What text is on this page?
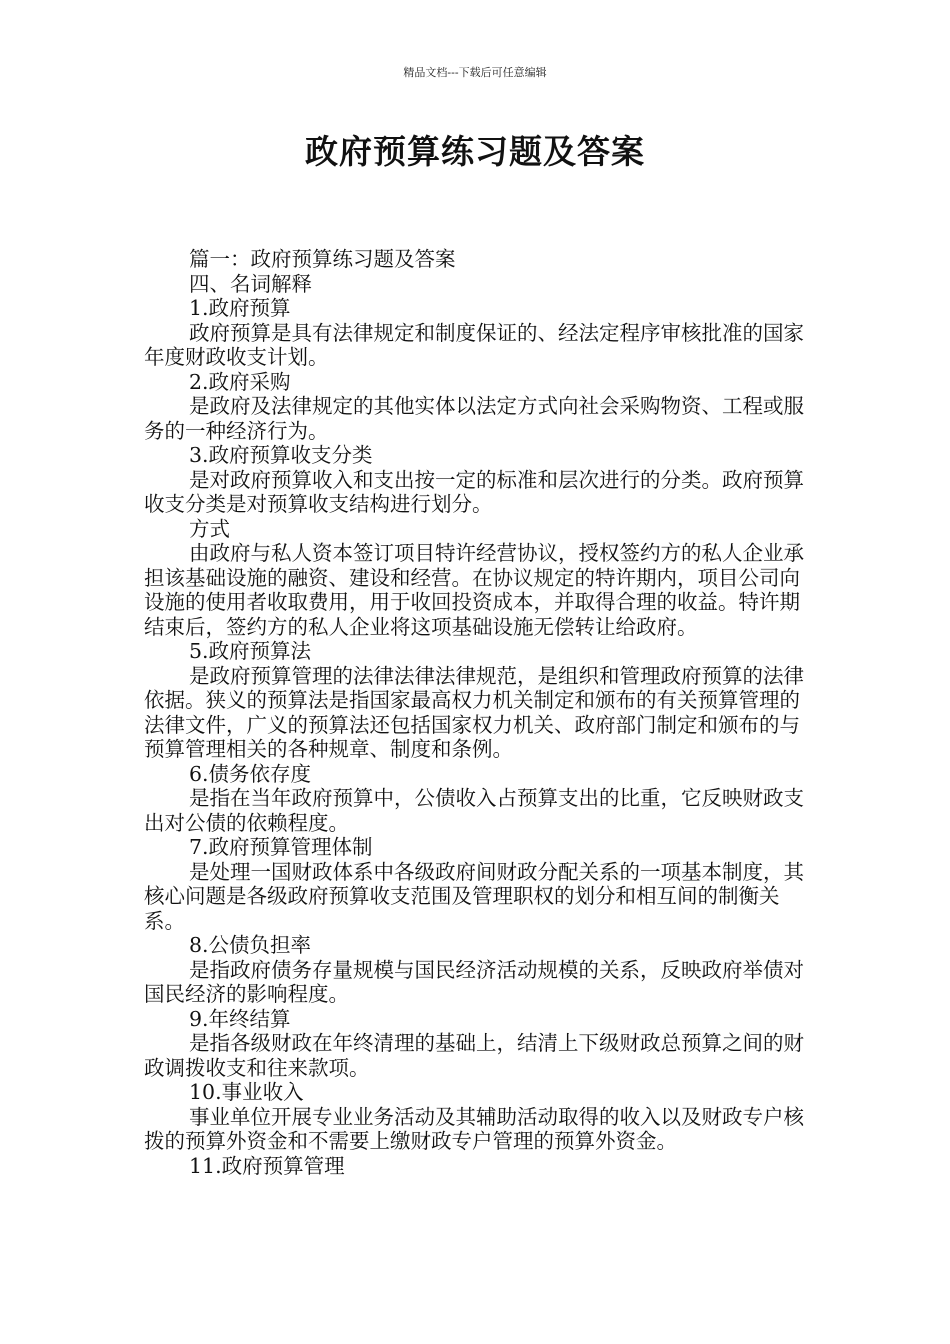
精品文档---下载后可任意编辑
政府预算练习题及答案

篇一：政府预算练习题及答案

四、名词解释

1.政府预算

政府预算是具有法律规定和制度保证的、经法定程序审核批准的国家年度财政收支计划。

2.政府采购

是政府及法律规定的其他实体以法定方式向社会采购物资、工程或服务的一种经济行为。

3.政府预算收支分类

是对政府预算收入和支出按一定的标准和层次进行的分类。政府预算收支分类是对预算收支结构进行划分。

方式

由政府与私人资本签订项目特许经营协议，授权签约方的私人企业承担该基础设施的融资、建设和经营。在协议规定的特许期内，项目公司向设施的使用者收取费用，用于收回投资成本，并取得合理的收益。特许期结束后，签约方的私人企业将这项基础设施无偿转让给政府。

5.政府预算法

是政府预算管理的法律法律法律规范，是组织和管理政府预算的法律依据。狭义的预算法是指国家最高权力机关制定和颁布的有关预算管理的法律文件，广义的预算法还包括国家权力机关、政府部门制定和颁布的与预算管理相关的各种规章、制度和条例。

6.债务依存度

是指在当年政府预算中，公债收入占预算支出的比重，它反映财政支出对公债的依赖程度。

7.政府预算管理体制

是处理一国财政体系中各级政府间财政分配关系的一项基本制度，其核心问题是各级政府预算收支范围及管理职权的划分和相互间的制衡关系。

8.公债负担率

是指政府债务存量规模与国民经济活动规模的关系，反映政府举债对国民经济的影响程度。

9.年终结算

是指各级财政在年终清理的基础上，结清上下级财政总预算之间的财政调拨收支和往来款项。

10.事业收入

事业单位开展专业业务活动及其辅助活动取得的收入以及财政专户核拨的预算外资金和不需要上缴财政专户管理的预算外资金。

11.政府预算管理
